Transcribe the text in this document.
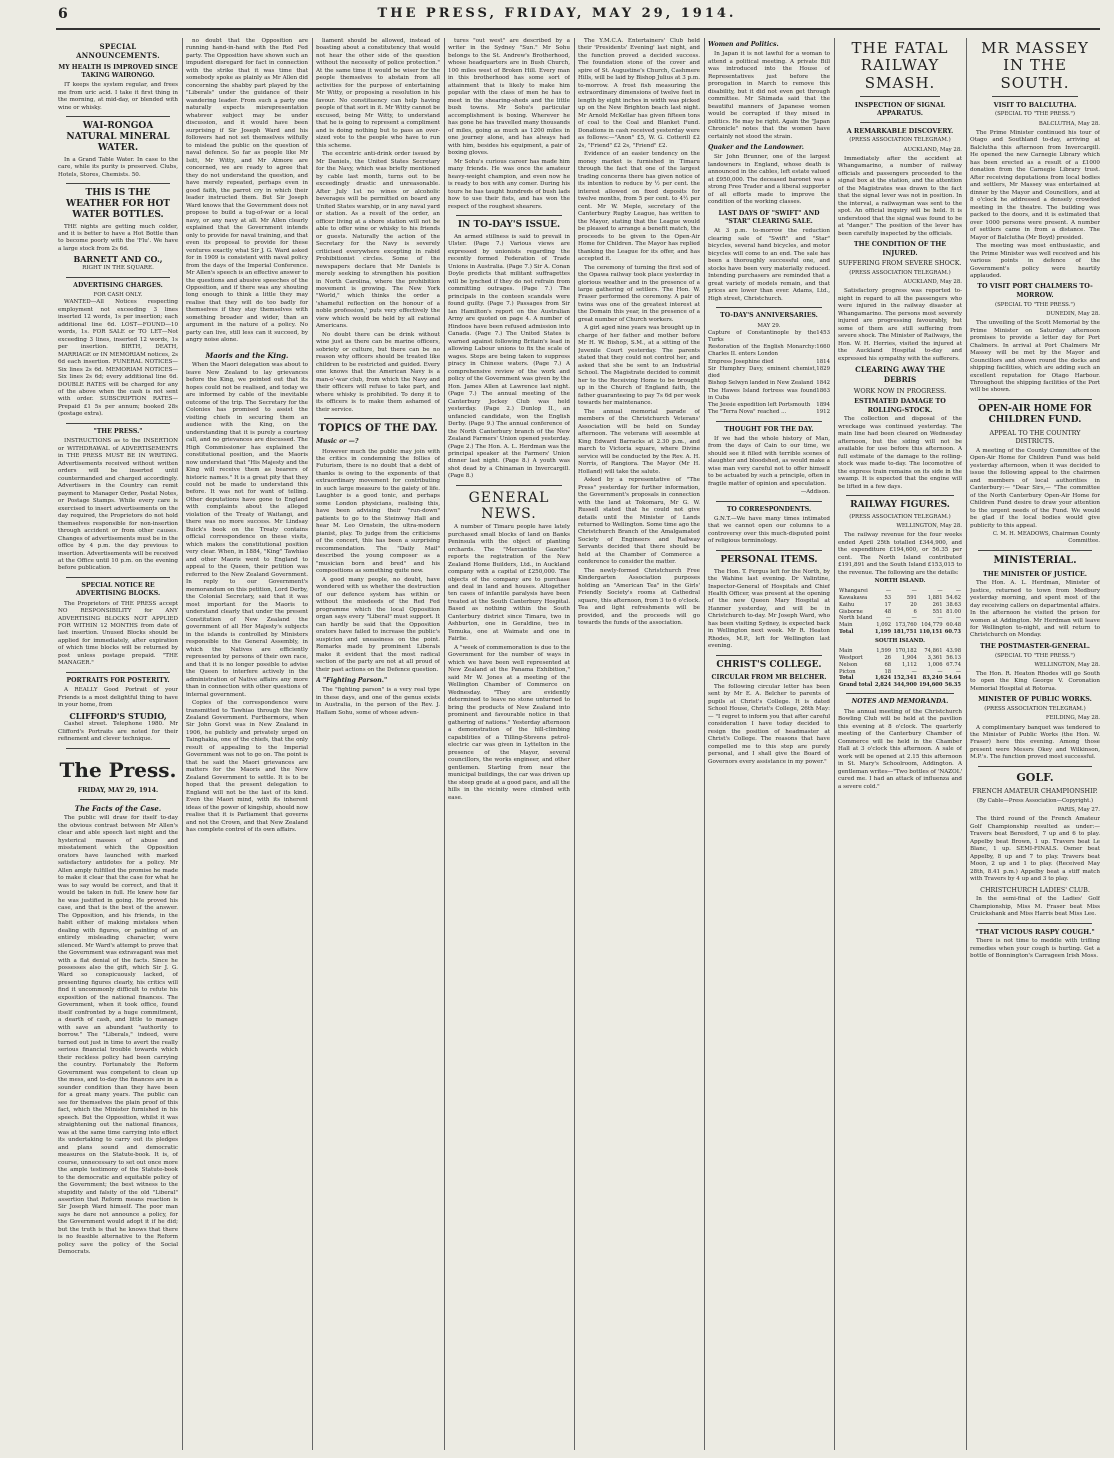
6	THE PRESS, FRIDAY, MAY 29, 1914.
SPECIAL ANNOUNCEMENTS.
MY HEALTH IS IMPROVED SINCE TAKING WAIRONGO.

IT keeps the system regular, and frees me from uric acid. I take it first thing in the morning, at mid-day, or blended with wine or whisky.

WAI-RONGOA NATURAL MINERAL WATER.

In a Grand Table Water. In case to the care, while its purity is preserved. Clubs, Hotels, Stores, Chemists. 50.

THIS IS THE WEATHER FOR HOT WATER BOTTLES.

THE nights are getting much colder, and it is better to have a Hot Bottle than to become poorly with the 'Flu'. We have a large stock from 2s 6d.

BARNETT AND CO.,
RIGHT IN THE SQUARE.
ADVERTISING CHARGES.
FOR CASH ONLY.

WANTED—All Notices respecting employment not exceeding 3 lines inserted 12 words, 1s per insertion; each additional line 6d. LOST—FOUND—10 words, 1s. FOR SALE or TO LET—Not exceeding 3 lines, inserted 12 words, 1s per insertion. BIRTH, DEATH, MARRIAGE or IN MEMORIAM notices, 2s 6d each insertion. FUNERAL NOTICES—Six lines 2s 6d. MEMORIAM NOTICES—Six lines 2s 6d; every additional line 6d. DOUBLE RATES will be charged for any of the above when the cash is not sent with order. SUBSCRIPTION RATES—Prepaid £1 5s per annum; booked 28s (postage extra).

"THE PRESS."

INSTRUCTIONS as to the INSERTION or WITHDRAWAL of ADVERTISEMENTS in THE PRESS MUST BE IN WRITING. Advertisements received without written orders will be inserted until countermanded and charged accordingly. Advertisers in the Country can remit payment to Manager Order, Postal Notes, or Postage Stamps. While every care is exercised to insert advertisements on the day required, the Proprietors do not hold themselves responsible for non-insertion through accident or from other causes. Changes of advertisements must be in the office by 4 p.m. the day previous to insertion. Advertisements will be received at the Office until 10 p.m. on the evening before publication.

SPECIAL NOTICE RE ADVERTISING BLOCKS.

The Proprietors of THE PRESS accept NO RESPONSIBILITY for ANY ADVERTISING BLOCKS NOT APPLIED FOR WITHIN 12 MONTHS from date of last insertion. Unused Blocks should be applied for immediately, after expiration of which time blocks will be returned by post unless postage prepaid. "THE MANAGER."

PORTRAITS FOR POSTERITY.

A REALLY Good Portrait of your Friends is a most delightful thing to have in your home, from

CLIFFORD'S STUDIO,

Cashel street. Telephone 1980. Mr Clifford's Portraits are noted for their refinement and clever technique.

The Press.
FRIDAY, MAY 29, 1914.
The Facts of the Case.

The public will draw for itself to-day the obvious contrast between Mr Allen's clear and able speech last night and the hysterical masses of abuse and misstatement which the Opposition orators have launched with marked satisfactory antidotes for a policy. Mr Allen amply fulfilled the promise he made to make it clear that the case for what he was to say would be correct, and that it would be taken in full. He knew how far he was justified in going. He proved his case, and that is the best of the answer. The Opposition, and his friends, in the habit either of making mistakes when dealing with figures, or painting of an entirely misleading character, were silenced. Mr Ward's attempt to prove that the Government was extravagant was met with a flat denial of the facts. Since he possesses also the gift, which Sir J. G. Ward so conspicuously lacked, of presenting figures clearly, his critics will find it uncommonly difficult to refute his exposition of the national finances. The Government, when it took office, found itself confronted by a huge commitment, a dearth of cash, and little to manage with save an abundant "authority to borrow." The "Liberals," indeed, were turned out just in time to avert the really serious financial trouble towards which their reckless policy had been carrying the country. Fortunately the Reform Government was competent to clean up the mess, and to-day the finances are in a sounder condition than they have been for a great many years. The public can see for themselves the plain proof of this fact, which the Minister furnished in his speech. But the Opposition, whilst it was straightening out the national finances, was at the same time carrying into effect its undertaking to carry out its pledges and plans sound and democratic measures on the Statute-book. It is, of course, unnecessary to set out once more the ample testimony of the Statute-book to the democratic and equitable policy of the Government; the best witness to the stupidity and falsity of the old "Liberal" assertion that Reform means reaction is Sir Joseph Ward himself. The poor man says he dare not announce a policy, for the Government would adopt it if he did; but the truth is that he knows that there is no feasible alternative to the Reform policy save the policy of the Social Democrats.

no doubt that the Opposition are running hand-in-hand with the Red Fed party. The Opposition have shown such an impudent disregard for fact in connection with the strike that it was time that somebody spoke as plainly as Mr Allen did concerning the shabby part played by the "Liberals" under the guidance of their wandering leader. From such a party one naturally expects misrepresentation whatever subject may be under discussion, and it would have been surprising if Sir Joseph Ward and his followers had not set themselves wilfully to mislead the public on the question of naval defence. So far as people like Mr Isitt, Mr Witty, and Mr Atmore are concerned, we are ready to agree that they do not understand the question, and have merely repeated, perhaps even in good faith, the parrot cry in which their leader instructed them. But Sir Joseph Ward knows that the Government does not propose to build a tug-of-war or a local navy, or any navy at all. Mr Allen clearly explained that the Government intends only to provide for naval training, and that even its proposal to provide for these ventures exactly what Sir J. G. Ward asked for in 1909 is consistent with naval policy from the days of the Imperial Conference. Mr Allen's speech is an effective answer to the questions and abusive speeches of the Opposition, and if there was any shouting long enough to think a little they may realise that they will do too badly for themselves if they stay themselves with something broader and wider, than an argument in the nature of a policy. No party can live, still less can it succeed, by angry noise alone.

Maoris and the King.

When the Maori delegation was about to leave New Zealand to lay grievances before the King, we pointed out that its hopes could not be realised, and today we are informed by cable of the inevitable outcome of the trip. The Secretary for the Colonies has promised to assist the visiting chiefs in securing them an audience with the King, on the understanding that it is purely a courtesy call, and no grievances are discussed. The High Commissioner has explained the constitutional position, and the Maoris now understand that "His Majesty and the King will receive them as bearers of historic names." It is a great pity that they could not be made to understand this before. It was not for want of telling. Other deputations have gone to England with complaints about the alleged violation of the Treaty of Waitangi, and there was no more success. Mr Lindsay Buick's book on the Treaty contains official correspondence on these visits, which makes the constitutional position very clear. When, in 1884, "King" Tawhiao and other Maoris went to England to appeal to the Queen, their petition was referred to the New Zealand Government. In reply to our Government's memorandum on this petition, Lord Derby, the Colonial Secretary, said that it was most important for the Maoris to understand clearly that under the present Constitution of New Zealand the government of all Her Majesty's subjects in the islands is controlled by Ministers responsible to the General Assembly, in which the Natives are efficiently represented by persons of their own race, and that it is no longer possible to advise the Queen to interfere actively in the administration of Native affairs any more than in connection with other questions of internal government.

Copies of the correspondence were transmitted to Tawhiao through the New Zealand Government. Furthermore, when Sir John Gorst was in New Zealand in 1906, he publicly and privately urged on Tainghakia, one of the chiefs, that the only result of appealing to the Imperial Government was not to go on. The point is that he said the Maori grievances are matters for the Maoris and the New Zealand Government to settle. It is to be hoped that the present delegation to England will not be the last of its kind. Even the Maori mind, with its inherent ideas of the power of kingship, should now realise that it is Parliament that governs and not the Crown, and that New Zealand has complete control of its own affairs.

liament should be allowed, instead of boasting about a constitutency that would not hear the other side of the question without the necessity of police protection." At the same time it would be wiser for the people themselves to abstain from all activities for the purpose of entertaining Mr Witty, or proposing a resolution in his favour. No constituency can help having people of that sort in it. Mr Witty cannot be excused, being Mr Witty, to understand that he is going to represent a compliment and is doing nothing but to pass an over-sized vote to the people who have to run this scheme.

The eccentric anti-drink order issued by Mr Daniels, the United States Secretary for the Navy, which was briefly mentioned by cable last month, turns out to be exceedingly drastic and unreasonable. After July 1st no wines or alcoholic beverages will be permitted on board any United States warship, or in any naval yard or station. As a result of the order, an officer living at a shore station will not be able to offer wine or whisky to his friends or guests. Naturally the action of the Secretary for the Navy is severely criticised everywhere excepting in rabid Prohibitionist circles. Some of the newspapers declare that Mr Daniels is merely seeking to strengthen his position in North Carolina, where the prohibition movement is growing. The New York "World," which thinks the order a 'shameful reflection on the honour of a noble profession,' puts very effectively the view which would be held by all rational Americans.

No doubt there can be drink without wine just as there can be marine officers, sobriety or culture, but there can be no reason why officers should be treated like children to be restricted and guided. Every one knows that the American Navy is a man-o'-war club, from which the Navy and their officers will refuse to take part, and where whisky is prohibited. To deny it to its officers is to make them ashamed of their service.

TOPICS OF THE DAY.
Music or —?

However much the public may join with the critics in condemning the follies of Futurism, there is no doubt that a debt of thanks is owing to the exponents of that extraordinary movement for contributing in such large measure to the gaiety of life. Laughter is a good tonic, and perhaps some London physicians, realising this, have been advising their "run-down" patients to go to the Steinway Hall and hear M. Leo Ornstein, the ultra-modern pianist, play. To judge from the criticisms of the concert, this has been a surprising recommendation. The "Daily Mail" described the young composer as a "musician born and bred" and his compositions as something quite new.

A good many people, no doubt, have wondered with us whether the destruction of our defence system has within or without the misdeeds of the Red Fed programme which the local Opposition organ says every "Liberal" must support. It can hardly be said that the Opposition orators have failed to increase the public's suspicion and uneasiness on the point. Remarks made by prominent Liberals make it evident that the most radical section of the party are not at all proud of their past actions on the Defence question.

A "Fighting Parson."

The "fighting parson" is a very real type in these days, and one of the genus exists in Australia, in the person of the Rev. J. Hallam Sohu, some of whose adven-

tures "out west" are described by a writer in the Sydney "Sun." Mr Sohu belongs to the St. Andrew's Brotherhood, whose headquarters are in Bush Church, 100 miles west of Broken Hill. Every man in this brotherhood has some sort of attainment that is likely to make him popular with the class of men he has to meet in the shearing-sheds and the little bush towns. Mr Sohu's particular accomplishment is boxing. Wherever he has gone he has travelled many thousands of miles, going as much as 1200 miles in one journey alone, and has always had with him, besides his equipment, a pair of boxing gloves.

Mr Sohu's curious career has made him many friends. He was once the amateur heavy-weight champion, and even now he is ready to box with any comer. During his tours he has taught hundreds of bush lads how to use their fists, and has won the respect of the roughest shearers.

IN TO-DAY'S ISSUE.

An armed stillness is said to prevail in Ulster. (Page 7.) Various views are expressed by unionists regarding the recently formed Federation of Trade Unions in Australia. (Page 7.) Sir A. Conan Doyle predicts that militant suffragettes will be lynched if they do not refrain from committing outrages. (Page 7.) The principals in the conteen scandals were found guilty. (Page 7.) Passages from Sir Ian Hamilton's report on the Australian Army are quoted on page 4. A number of Hindoos have been refused admission into Canada. (Page 7.) The United States is warned against following Britain's lead in allowing Labour unions to fix the scale of wages. Steps are being taken to suppress piracy in Chinese waters. (Page 7.) A comprehensive review of the work and policy of the Government was given by the Hon. James Allen at Lawrence last night. (Page 7.) The annual meeting of the Canterbury Jockey Club was held yesterday. (Page 2.) Dunlop II., an unfancied candidate, won the English Derby. (Page 9.) The annual conference of the North Canterbury branch of the New Zealand Farmers' Union opened yesterday. (Page 2.) The Hon. A. L. Herdman was the principal speaker at the Farmers' Union dinner last night. (Page 8.) A youth was shot dead by a Chinaman in Invercargill. (Page 8.)

GENERAL NEWS.

A number of Timaru people have lately purchased small blocks of land on Banks Peninsula with the object of planting orchards. The "Mercantile Gazette" reports the registration of the New Zealand Home Builders, Ltd., in Auckland company with a capital of £250,000. The objects of the company are to purchase and deal in land and houses. Altogether ten cases of infantile paralysis have been treated at the South Canterbury Hospital. Based as nothing within the South Canterbury district since Timaru, two in Ashburton, one in Geraldine, two in Temuka, one at Waimate and one in Fairlie.

A "week of commemoration is due to the Government for the number of ways in which we have been well represented at New Zealand at the Panama Exhibition," said Mr W. Jones at a meeting of the Wellington Chamber of Commerce on Wednesday. "They are evidently determined to leave no stone unturned to bring the products of New Zealand into prominent and favourable notice in that gathering of nations." Yesterday afternoon a demonstration of the hill-climbing capabilities of a Tilling-Stevens petrol-electric car was given in Lyttelton in the presence of the Mayor, several councillors, the works engineer, and other gentlemen. Starting from near the municipal buildings, the car was driven up the steep grade at a good pace, and all the hills in the vicinity were climbed with ease.

The Y.M.C.A. Entertainers' Club held their 'Presidents' Evening' last night, and the function proved a decided success. The foundation stone of the cover and spire of St. Augustine's Church, Cashmere Hills, will be laid by Bishop Julius at 3 p.m. to-morrow. A frost fish measuring the extraordinary dimensions of twelve feet in length by eight inches in width was picked up on the New Brighton beach last night. Mr Arnold McKellar has given fifteen tons of coal to the Coal and Blanket Fund. Donations in cash received yesterday were as follows:—"Anon" £5, W. G. Cotterill £2 2s, "Friend" £2 2s, "Friend" £2.

Evidence of an easier tendency on the money market is furnished in Timaru through the fact that one of the largest trading concerns there has given notice of its intention to reduce by ½ per cent. the interest allowed on fixed deposits for twelve months, from 5 per cent. to 4½ per cent. Mr W. Meple, secretary of the Canterbury Rugby League, has written to the Mayor, stating that the League would be pleased to arrange a benefit match, the proceeds to be given to the Open-Air Home for Children. The Mayor has replied thanking the League for its offer, and has accepted it.

The ceremony of turning the first sod of the Opawa railway took place yesterday in glorious weather and in the presence of a large gathering of settlers. The Hon. W. Fraser performed the ceremony. A pair of twins was one of the greatest interest at the Domain this year, in the presence of a great number of Church workers.

A girl aged nine years was brought up in charge of her father and mother before Mr H. W. Bishop, S.M., at a sitting of the Juvenile Court yesterday. The parents stated that they could not control her, and asked that she be sent to an Industrial School. The Magistrate decided to commit her to the Receiving Home to be brought up in the Church of England faith, the father guaranteeing to pay 7s 6d per week towards her maintenance.

The annual memorial parade of members of the Christchurch Veterans' Association will be held on Sunday afternoon. The veterans will assemble at King Edward Barracks at 2.30 p.m., and march to Victoria square, where Divine service will be conducted by the Rev. A. H. Norris, of Rangiora. The Mayor (Mr H. Holland) will take the salute.

Asked by a representative of "The Press" yesterday for further information, the Government's proposals in connection with the land at Tokomaru, Mr G. W. Russell stated that he could not give details until the Minister of Lands returned to Wellington. Some time ago the Christchurch Branch of the Amalgamated Society of Engineers and Railway Servants decided that there should be held at the Chamber of Commerce a conference to consider the matter.

The newly-formed Christchurch Free Kindergarten Association purposes holding an "American Tea" in the Girls' Friendly Society's rooms at Cathedral square, this afternoon, from 3 to 6 o'clock. Tea and light refreshments will be provided, and the proceeds will go towards the funds of the association.

Women and Politics.

In Japan it is not lawful for a woman to attend a political meeting. A private Bill was introduced into the House of Representatives just before the prorogation in March to remove this disability, but it did not even get through committee. Mr Shimada said that the beautiful manners of Japanese women would be corrupted if they mixed in politics. He may be right. Again the "Japan Chronicle" notes that the women have certainly not stood the strain.

Quaker and the Landowner.

Sir John Brunner, one of the largest landowners in England, whose death is announced in the cables, left estate valued at £950,000. The deceased baronet was a strong Free Trader and a liberal supporter of all efforts made to improve the condition of the working classes.

LAST DAYS OF "SWIFT" AND "STAR" CLEARING SALE.

At 3 p.m. to-morrow the reduction clearing sale of "Swift" and "Star" bicycles, several hand bicycles, and motor bicycles will come to an end. The sale has been a thoroughly successful one, and stocks have been very materially reduced. Intending purchasers are reminded that a great variety of models remain, and that prices are lower than ever. Adams, Ltd., High street, Christchurch.

TO-DAY'S ANNIVERSARIES.
MAY 29.
Capture of Constantinople by the Turks
1453
Restoration of the English Monarchy: Charles II. enters London
1660
Empress Josephine died	1814
Sir Humphry Davy, eminent chemist, died
1829
Bishop Selwyn landed in New Zealand 1842
The Hawes Island fortress was found in Cuba
1863
The Jessie expedition left Portsmouth 1894
The "Terra Nova" reached ...	1912
THOUGHT FOR THE DAY.

If we had the whole history of Man, from the days of Cain to our time, we should see it filled with terrible scenes of slaughter and bloodshed, as would make a wise man very careful not to offer himself to be actuated by such a principle, often in fragile matter of opinion and speculation.

—Addison.
TO CORRESPONDENTS.

G.N.T.—We have many times intimated that we cannot open our columns to a controversy over this much-disputed point of religious terminology.

PERSONAL ITEMS.

The Hon. T. Fergus left for the North, by the Wahine last evening. Dr Valintine, Inspector-General of Hospitals and Chief Health Officer, was present at the opening of the new Queen Mary Hospital at Hanmer yesterday, and will be in Christchurch to-day. Mr Joseph Ward, who has been visiting Sydney, is expected back in Wellington next week. Mr R. Heaton Rhodes, M.P., left for Wellington last evening.

CHRIST'S COLLEGE.
CIRCULAR FROM MR BELCHER.

The following circular letter has been sent by Mr E. A. Belcher to parents of pupils at Christ's College. It is dated School House, Christ's College, 26th May:— "I regret to inform you that after careful consideration I have today decided to resign the position of headmaster at Christ's College. The reasons that have compelled me to this step are purely personal, and I shall give the Board of Governors every assistance in my power."

THE FATAL RAILWAY SMASH.
INSPECTION OF SIGNAL APPARATUS.
A REMARKABLE DISCOVERY.
(PRESS ASSOCIATION TELEGRAM.)
AUCKLAND, May 28.

Immediately after the accident at Whangamarino, a number of railway officials and passengers proceeded to the signal box at the station, and the attention of the Magistrates was drawn to the fact that the signal lever was not in position. In the interval, a railwayman was sent to the spot. An official inquiry will be held. It is understood that the signal was found to be at "danger." The position of the lever has been carefully inspected by the officials.

THE CONDITION OF THE INJURED.
SUFFERING FROM SEVERE SHOCK.
(PRESS ASSOCIATION TELEGRAM.)
AUCKLAND, May 28.

Satisfactory progress was reported to-night in regard to all the passengers who were injured in the railway disaster at Whangamarino. The persons most severely injured are progressing favourably, but some of them are still suffering from severe shock. The Minister of Railways, the Hon. W. H. Herries, visited the injured at the Auckland Hospital to-day and expressed his sympathy with the sufferers.

CLEARING AWAY THE DEBRIS
WORK NOW IN PROGRESS.
ESTIMATED DAMAGE TO ROLLING-STOCK.

The collection and disposal of the wreckage was continued yesterday. The main line had been cleared on Wednesday afternoon, but the siding will not be available for use before this afternoon. A full estimate of the damage to the rolling-stock was made to-day. The locomotive of the express train remains on its side in the swamp. It is expected that the engine will be lifted in a few days.

RAILWAY FIGURES.
(PRESS ASSOCIATION TELEGRAM.)
WELLINGTON, May 28.

The railway revenue for the four weeks ended April 25th totalled £344,900, and the expenditure £194,600, or 56.35 per cent. The North Island contributed £191,891 and the South Island £153,015 to the revenue. The following are the details:

NORTH ISLAND.
Whangarei	—	—	—	—
Kawakawa	53	591	1,881	54.62
Kaihu	17	20	261	38.63
Gisborne	48	6	551	81.00
North Island	—	—	—	—
Main	1,092	173,760	104,779	60.48
Total	1,199	181,751	110,151	60.73
SOUTH ISLAND.
Main	1,599	170,182	74,861	43.98
Westport	26	1,904	3,361	56.13
Nelson	68	1,112	1,006	67.74
Picton	18	—	—	—
Total	1,624	152,341	83,240	54.64
Grand total	2,824	344,900	194,600	56.35
NOTES AND MEMORANDA.

The annual meeting of the Christchurch Bowling Club will be held at the pavilion this evening at 8 o'clock. The quarterly meeting of the Canterbury Chamber of Commerce will be held in the Chamber Hall at 3 o'clock this afternoon. A sale of work will be opened at 2.15 this afternoon in St. Mary's Schoolroom, Addington. A gentleman writes—"Two bottles of 'NAZOL' cured me. I had an attack of influenza and a severe cold."

MR MASSEY IN THE SOUTH.
VISIT TO BALCLUTHA.
(SPECIAL TO "THE PRESS.")
BALCLUTHA, May 28.

The Prime Minister continued his tour of Otago and Southland to-day, arriving at Balclutha this afternoon from Invercargill. He opened the new Carnegie Library which has been erected as a result of a £1000 donation from the Carnegie Library trust. After receiving deputations from local bodies and settlers, Mr Massey was entertained at dinner by the Mayor and Councillors, and at 8 o'clock he addressed a densely crowded meeting in the theatre. The building was packed to the doors, and it is estimated that over 1000 persons were present. A number of settlers came in from a distance. The Mayor of Balclutha (Mr Boyd) presided.

The meeting was most enthusiastic, and the Prime Minister was well received and his various points in defence of the Government's policy were heartily applauded.

TO VISIT PORT CHALMERS TO-MORROW.
(SPECIAL TO "THE PRESS.")
DUNEDIN, May 28.

The unveiling of the Scott Memorial by the Prime Minister on Saturday afternoon promises to provide a letter day for Port Chalmers. In arrival at Port Chalmers Mr Massey will be met by the Mayor and Councillors and shown round the docks and shipping facilities, which are adding such an excellent reputation for Otago Harbour. Throughout the shipping facilities of the Port will be shown.

OPEN-AIR HOME FOR CHILDREN FUND.
APPEAL TO THE COUNTRY DISTRICTS.

A meeting of the County Committee of the Open-Air Home for Children Fund was held yesterday afternoon, when it was decided to issue the following appeal to the chairmen and members of local authorities in Canterbury:— "Dear Sirs,— "The committee of the North Canterbury Open-Air Home for Children Fund desire to draw your attention to the urgent needs of the Fund. We would be glad if the local bodies would give publicity to this appeal.

C. M. H. MEADOWS, Chairman County Committee.
MINISTERIAL.
THE MINISTER OF JUSTICE.

The Hon. A. L. Herdman, Minister of Justice, returned to town from Medbury yesterday morning, and spent most of the day receiving callers on departmental affairs. In the afternoon he visited the prison for women at Addington. Mr Herdman will leave for Wellington to-night, and will return to Christchurch on Monday.

THE POSTMASTER-GENERAL.
(SPECIAL TO "THE PRESS.")
WELLINGTON, May 28.

The Hon. R. Heaton Rhodes will go South to open the King George V. Coronation Memorial Hospital at Rotorua.

MINISTER OF PUBLIC WORKS.
(PRESS ASSOCIATION TELEGRAM.)
FEILDING, May 28.

A complimentary banquet was tendered to the Minister of Public Works (the Hon. W. Fraser) here this evening. Among those present were Messrs Okey and Wilkinson, M.P.'s. The function proved most successful.

GOLF.
FRENCH AMATEUR CHAMPIONSHIP.
(By Cable—Press Association—Copyright.)
PARIS, May 27.

The third round of the French Amateur Golf Championship resulted as under:— Travers beat Beresford, 7 up and 6 to play. Appelby beat Brown, 1 up. Travers beat Le Blanc, 1 up. SEMI-FINALS. Osmer beat Appelby, 8 up and 7 to play. Travers beat Moon, 2 up and 1 to play. (Received May 28th, 8.41 p.m.) Appelby beat a stiff match with Travers by 4 up and 3 to play.

CHRISTCHURCH LADIES' CLUB.

In the semi-final of the Ladies' Golf Championship, Miss M. Fraser beat Miss Cruickshank and Miss Harris beat Miss Lee.

"THAT VICIOUS RASPY COUGH."

There is not time to meddle with trifling remedies when your cough is hurting. Get a bottle of Bonnington's Carrageen Irish Moss.
